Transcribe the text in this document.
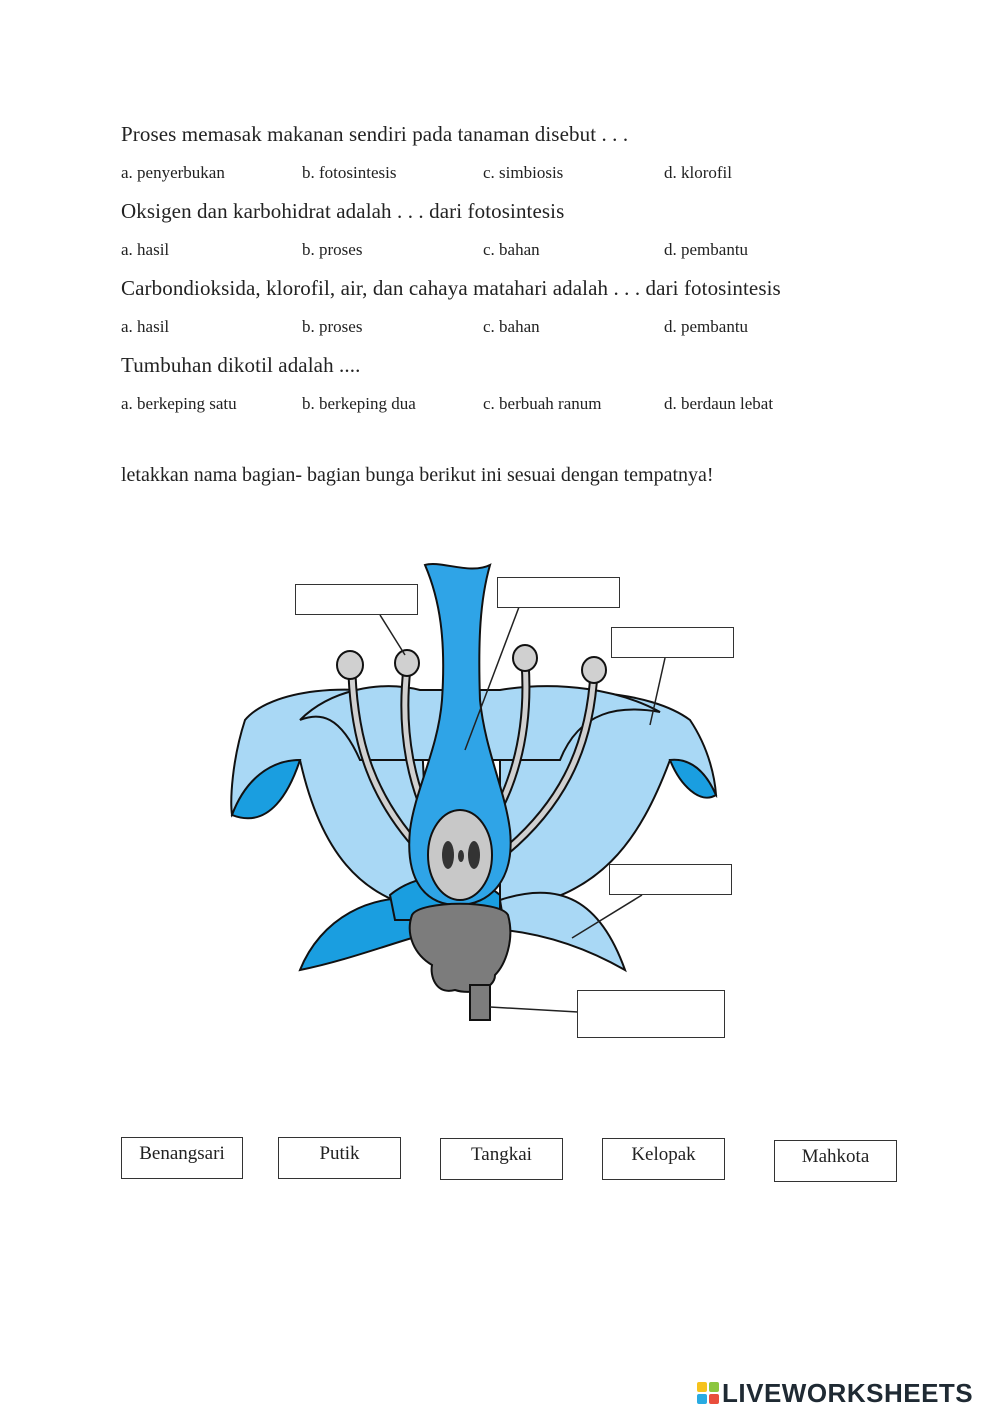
Proses memasak makanan sendiri pada tanaman disebut . . .
a. penyerbukan	b. fotosintesis	c. simbiosis	d. klorofil
Oksigen dan karbohidrat adalah . . . dari fotosintesis
a. hasil	b. proses	c. bahan	d. pembantu
Carbondioksida, klorofil, air, dan cahaya matahari adalah . . . dari fotosintesis
a. hasil	b. proses	c. bahan	d. pembantu
Tumbuhan dikotil adalah ....
a. berkeping satu	b. berkeping dua	c. berbuah ranum	d. berdaun lebat
letakkan nama bagian- bagian bunga berikut ini sesuai dengan tempatnya!
Benangsari	Putik	Tangkai	Kelopak	Mahkota
LIVEWORKSHEETS
